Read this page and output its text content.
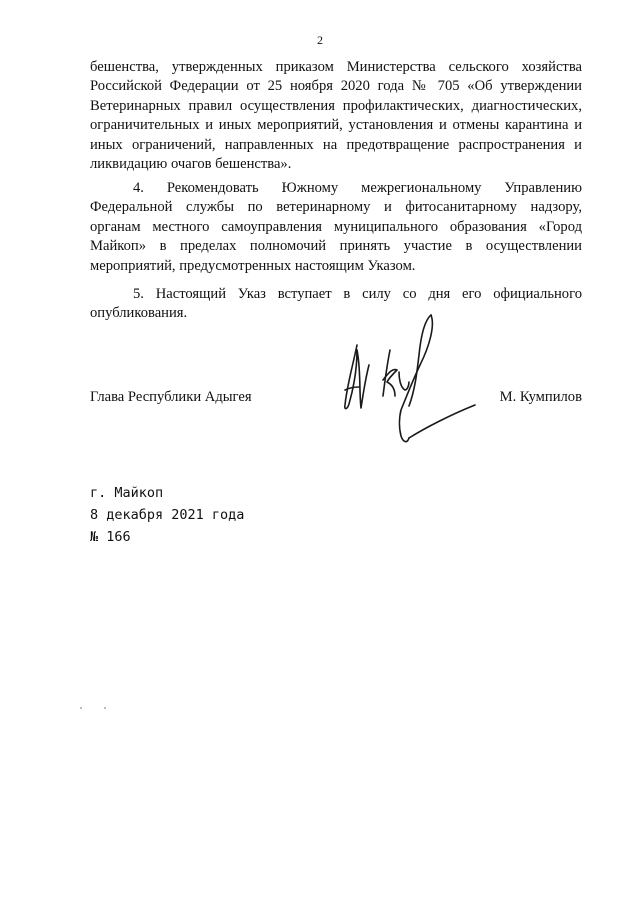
2
бешенства, утвержденных приказом Министерства сельского хозяйства
Российской Федерации от 25 ноября 2020 года № 705 «Об утверждении
Ветеринарных правил осуществления профилактических, диагностических,
ограничительных и иных мероприятий, установления и отмены карантина и
иных ограничений, направленных на предотвращение распространения и
ликвидацию очагов бешенства».
4. Рекомендовать Южному межрегиональному Управлению
Федеральной службы по ветеринарному и фитосанитарному надзору,
органам местного самоуправления муниципального образования «Город
Майкоп» в пределах полномочий принять участие в осуществлении
мероприятий, предусмотренных настоящим Указом.
5. Настоящий Указ вступает в силу со дня его официального
опубликования.
Глава Республики Адыгея	М. Кумпилов
г. Майкоп
8 декабря 2021 года
№ 166
